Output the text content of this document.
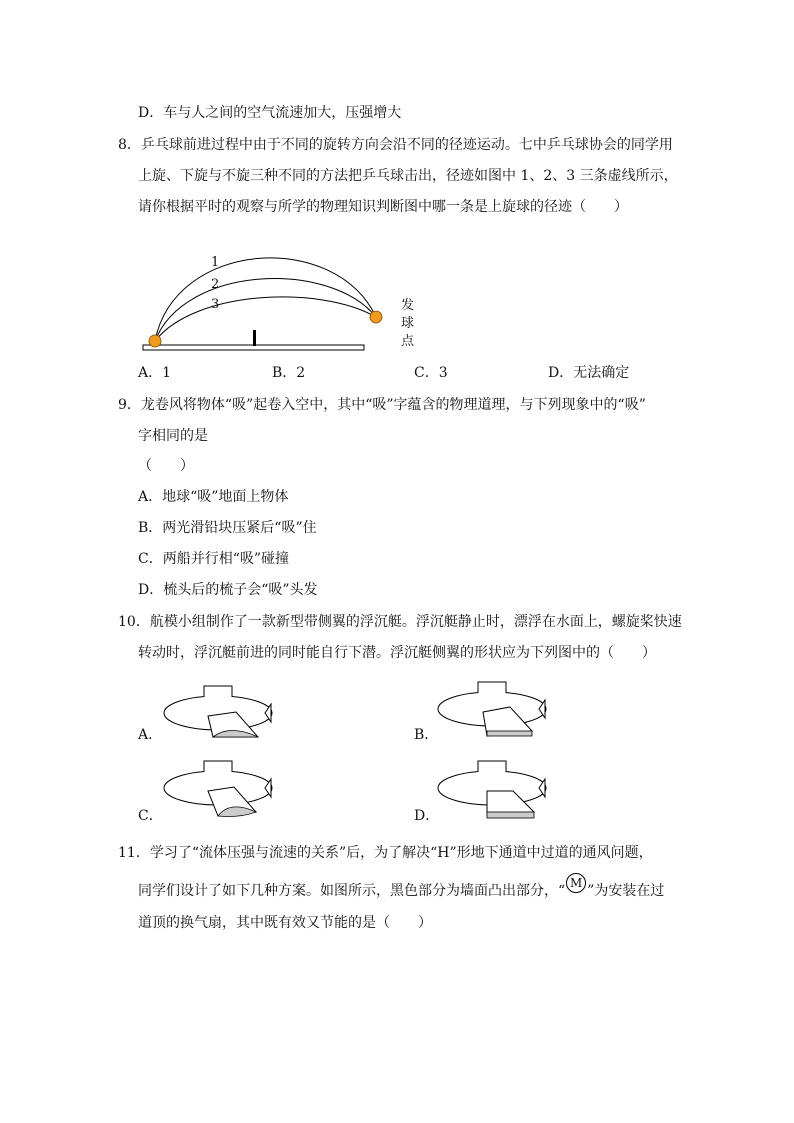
D．车与人之间的空气流速加大，压强增大
8．乒乓球前进过程中由于不同的旋转方向会沿不同的径迹运动。七中乒乓球协会的同学用
上旋、下旋与不旋三种不同的方法把乒乓球击出，径迹如图中 1、2、3 三条虚线所示，
请你根据平时的观察与所学的物理知识判断图中哪一条是上旋球的径迹（　　）
1
2
3	发
球
点
A．1	B．2	C．3	D．无法确定
9．龙卷风将物体“吸”起卷入空中，其中“吸”字蕴含的物理道理，与下列现象中的“吸”
字相同的是
（　　）
A．地球“吸”地面上物体
B．两光滑铅块压紧后“吸”住
C．两船并行相“吸”碰撞
D．梳头后的梳子会“吸”头发
10．航模小组制作了一款新型带侧翼的浮沉艇。浮沉艇静止时，漂浮在水面上，螺旋桨快速
转动时，浮沉艇前进的同时能自行下潜。浮沉艇侧翼的形状应为下列图中的（　　）
A．	B．
C．	D．
11．学习了“流体压强与流速的关系”后，为了解决“H”形地下通道中过道的通风问题，
同学们设计了如下几种方案。如图所示，黑色部分为墙面凸出部分，“ M ”为安装在过
道顶的换气扇，其中既有效又节能的是（　　）
